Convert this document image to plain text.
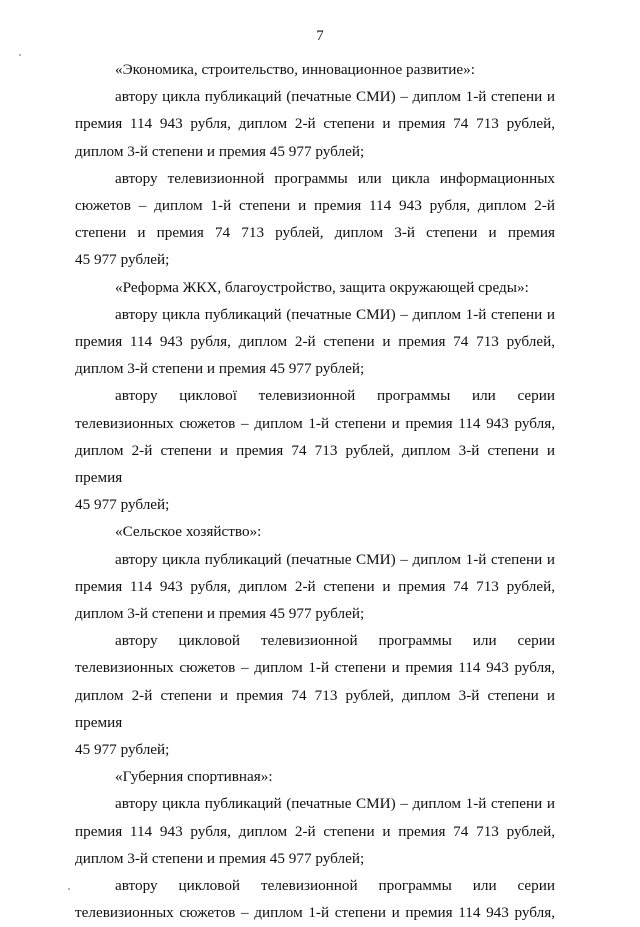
7

«Экономика, строительство, инновационное развитие»:

автору цикла публикаций (печатные СМИ) – диплом 1-й степени и
премия 114 943 рубля, диплом 2-й степени и премия 74 713 рублей,
диплом 3-й степени и премия 45 977 рублей;

автору телевизионной программы или цикла информационных
сюжетов – диплом 1-й степени и премия 114 943 рубля, диплом 2-й
степени и премия 74 713 рублей, диплом 3-й степени и премия
45 977 рублей;

«Реформа ЖКХ, благоустройство, защита окружающей среды»:

автору цикла публикаций (печатные СМИ) – диплом 1-й степени и
премия 114 943 рубля, диплом 2-й степени и премия 74 713 рублей,
диплом 3-й степени и премия 45 977 рублей;

автору циклової телевизионной программы или серии
телевизионных сюжетов – диплом 1-й степени и премия 114 943 рубля,
диплом 2-й степени и премия 74 713 рублей, диплом 3-й степени и премия
45 977 рублей;

«Сельское хозяйство»:

автору цикла публикаций (печатные СМИ) – диплом 1-й степени и
премия 114 943 рубля, диплом 2-й степени и премия 74 713 рублей,
диплом 3-й степени и премия 45 977 рублей;

автору цикловой телевизионной программы или серии
телевизионных сюжетов – диплом 1-й степени и премия 114 943 рубля,
диплом 2-й степени и премия 74 713 рублей, диплом 3-й степени и премия
45 977 рублей;

«Губерния спортивная»:

автору цикла публикаций (печатные СМИ) – диплом 1-й степени и
премия 114 943 рубля, диплом 2-й степени и премия 74 713 рублей,
диплом 3-й степени и премия 45 977 рублей;

автору цикловой телевизионной программы или серии
телевизионных сюжетов – диплом 1-й степени и премия 114 943 рубля,
